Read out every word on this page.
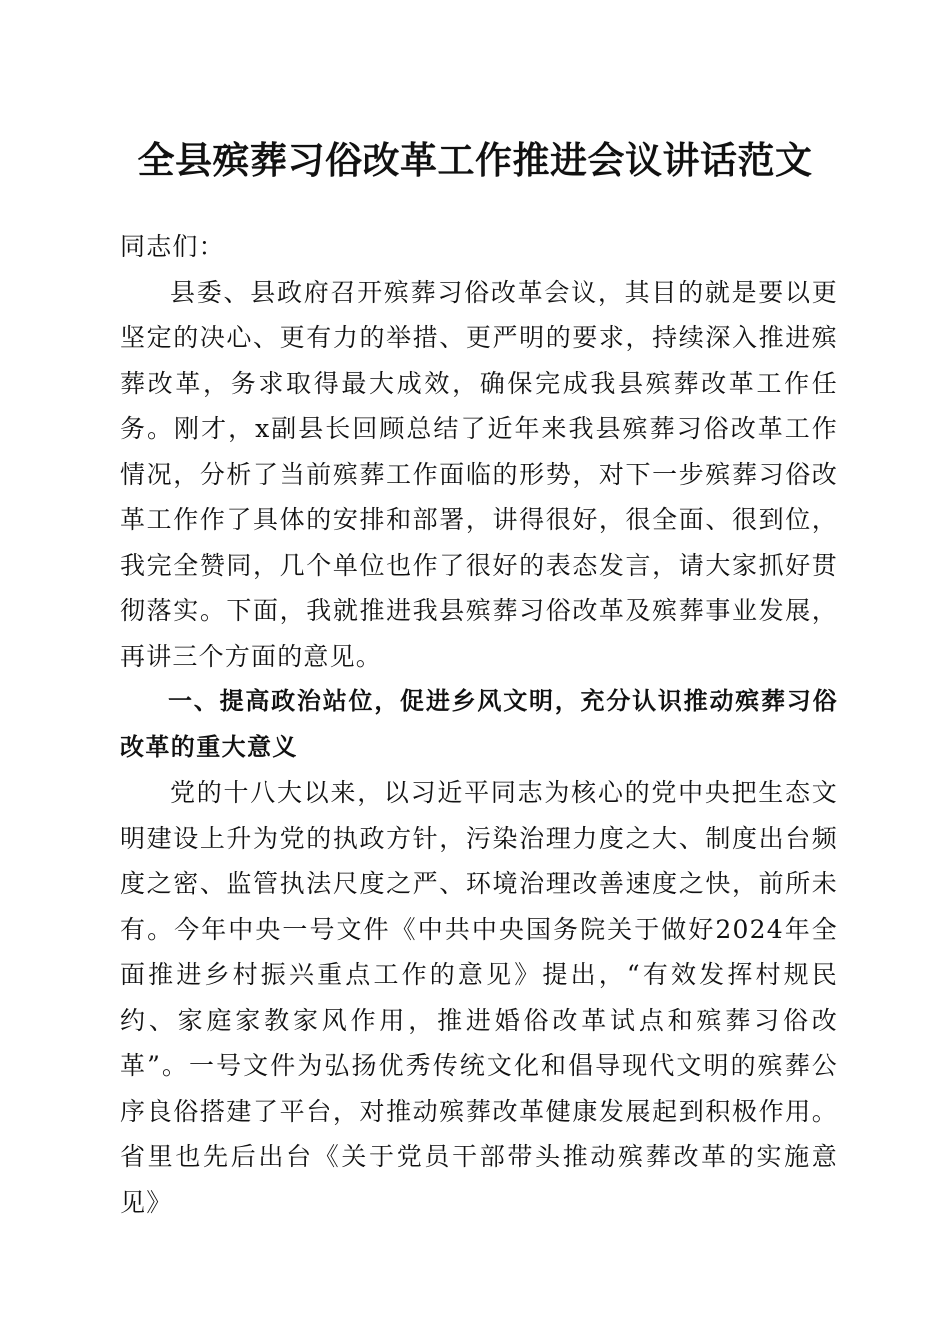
全县殡葬习俗改革工作推进会议讲话范文

同志们：

县委、县政府召开殡葬习俗改革会议，其目的就是要以更坚定的决心、更有力的举措、更严明的要求，持续深入推进殡葬改革，务求取得最大成效，确保完成我县殡葬改革工作任务。刚才，x副县长回顾总结了近年来我县殡葬习俗改革工作情况，分析了当前殡葬工作面临的形势，对下一步殡葬习俗改革工作作了具体的安排和部署，讲得很好，很全面、很到位，我完全赞同，几个单位也作了很好的表态发言，请大家抓好贯彻落实。下面，我就推进我县殡葬习俗改革及殡葬事业发展，再讲三个方面的意见。

一、提高政治站位，促进乡风文明，充分认识推动殡葬习俗改革的重大意义

党的十八大以来，以习近平同志为核心的党中央把生态文明建设上升为党的执政方针，污染治理力度之大、制度出台频度之密、监管执法尺度之严、环境治理改善速度之快，前所未有。今年中央一号文件《中共中央国务院关于做好2024年全面推进乡村振兴重点工作的意见》提出，“有效发挥村规民约、家庭家教家风作用，推进婚俗改革试点和殡葬习俗改革”。一号文件为弘扬优秀传统文化和倡导现代文明的殡葬公序良俗搭建了平台，对推动殡葬改革健康发展起到积极作用。省里也先后出台《关于党员干部带头推动殡葬改革的实施意见》
